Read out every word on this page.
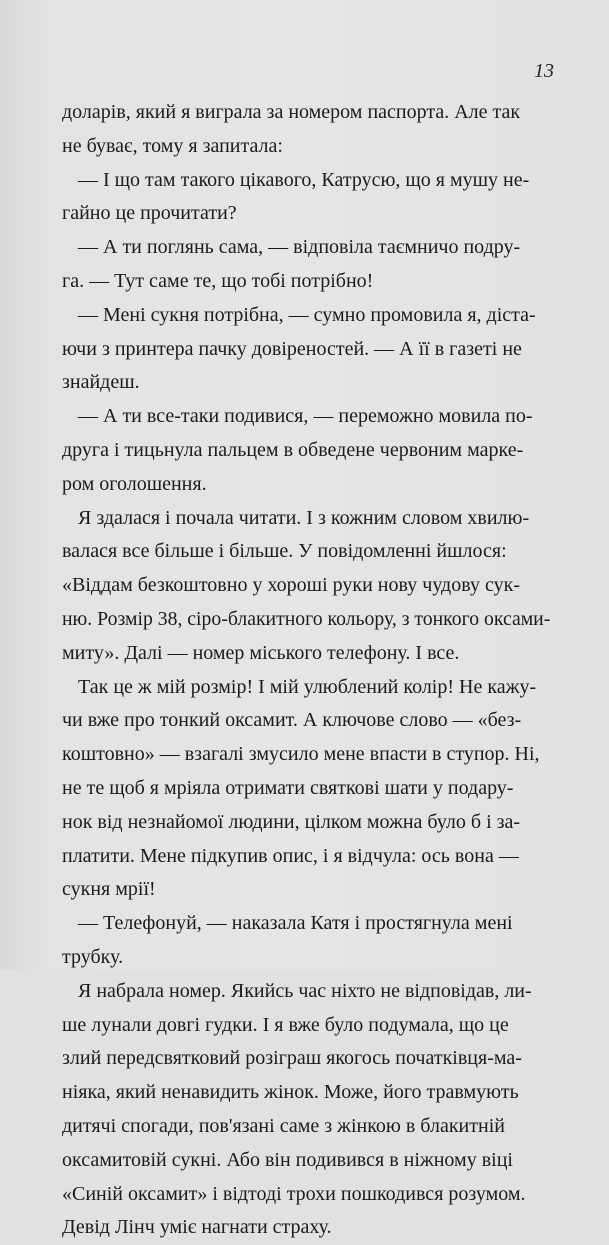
13
доларів, який я виграла за номером паспорта. Але так
не буває, тому я запитала:
— І що там такого цікавого, Катрусю, що я мушу не-
гайно це прочитати?
— А ти поглянь сама, — відповіла таємничо подру-
га. — Тут саме те, що тобі потрібно!
— Мені сукня потрібна, — сумно промовила я, діста-
ючи з принтера пачку довіреностей. — А її в газеті не
знайдеш.
— А ти все-таки подивися, — переможно мовила по-
друга і тицьнула пальцем в обведене червоним марке-
ром оголошення.
Я здалася і почала читати. І з кожним словом хвилю-
валася все більше і більше. У повідомленні йшлося:
«Віддам безкоштовно у хороші руки нову чудову сук-
ню. Розмір 38, сіро-блакитного кольору, з тонкого оксами-
миту». Далі — номер міського телефону. І все.
Так це ж мій розмір! І мій улюблений колір! Не кажу-
чи вже про тонкий оксамит. А ключове слово — «без-
коштовно» — взагалі змусило мене впасти в ступор. Ні,
не те щоб я мріяла отримати святкові шати у подару-
нок від незнайомої людини, цілком можна було б і за-
платити. Мене підкупив опис, і я відчула: ось вона —
сукня мрії!
— Телефонуй, — наказала Катя і простягнула мені
трубку.
Я набрала номер. Якийсь час ніхто не відповідав, ли-
ше лунали довгі гудки. І я вже було подумала, що це
злий передсвятковий розіграш якогось початківця-ма-
ніяка, який ненавидить жінок. Може, його травмують
дитячі спогади, пов'язані саме з жінкою в блакитній
оксамитовій сукні. Або він подивився в ніжному віці
«Синій оксамит» і відтоді трохи пошкодився розумом.
Девід Лінч уміє нагнати страху.
